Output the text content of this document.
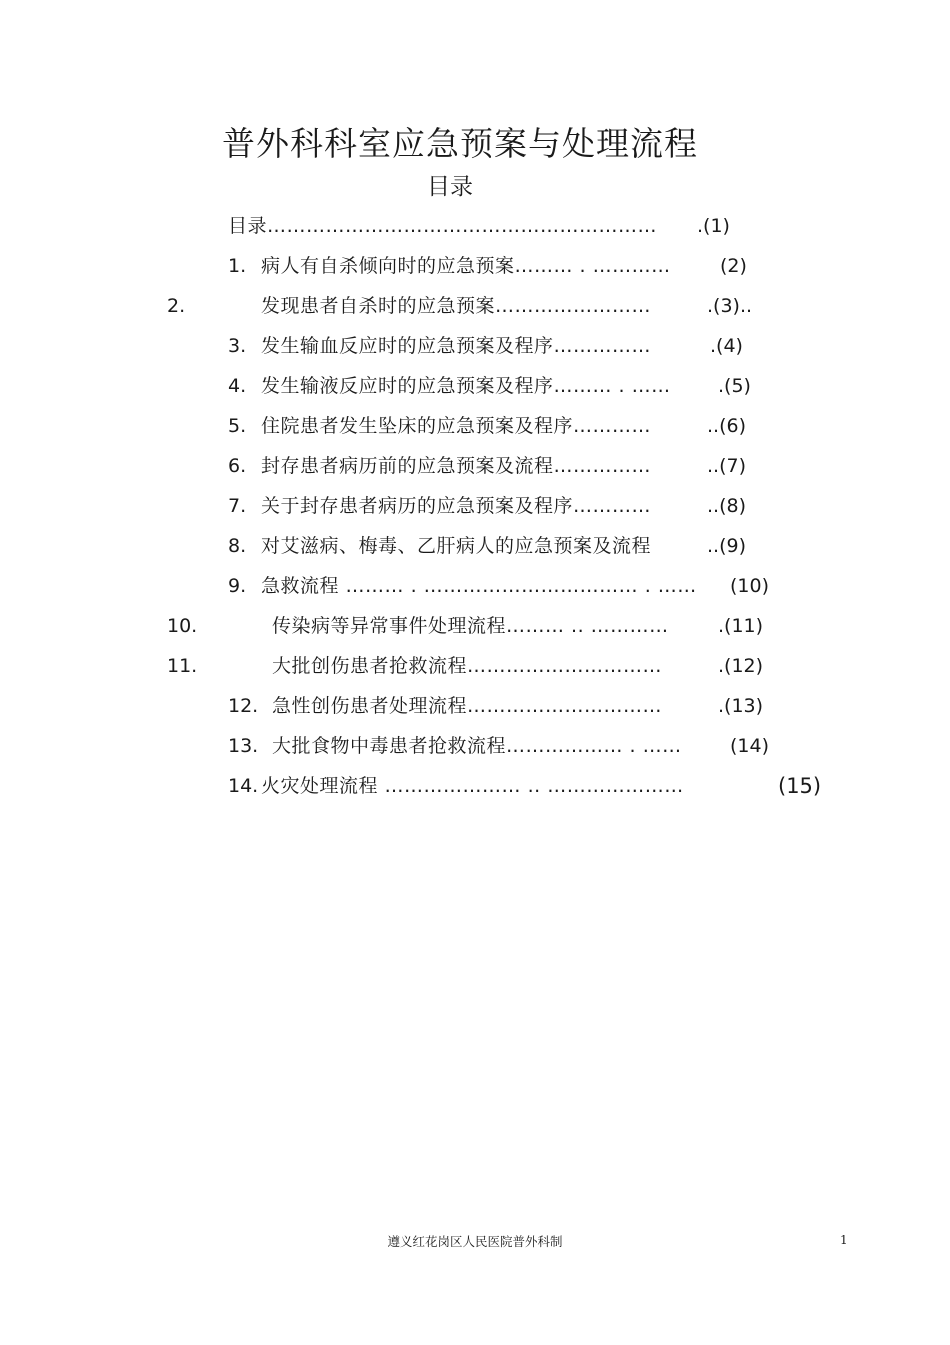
普外科科室应急预案与处理流程
目录
目录…………………………………………………… .(1)
1. 病人有自杀倾向时的应急预案……… . …………	(2)
2.	发现患者自杀时的应急预案……………………	.(3)..
3. 发生输血反应时的应急预案及程序……………	.(4)
4. 发生输液反应时的应急预案及程序……… . …… .(5)
5. 住院患者发生坠床的应急预案及程序…………	..(6)
6. 封存患者病历前的应急预案及流程……………	..(7)
7. 关于封存患者病历的应急预案及程序…………	..(8)
8. 对艾滋病、梅毒、乙肝病人的应急预案及流程	..(9)
9. 急救流程 ……… . …………………………… . …… (10)
10.	传染病等异常事件处理流程……… .. …………	.(11)
11.	大批创伤患者抢救流程…………………………	.(12)
12. 急性创伤患者处理流程…………………………	.(13)
13. 大批食物中毒患者抢救流程……………… . ……	(14)
14. 火灾处理流程 ………………… .. …………………	(15)
遵义红花岗区人民医院普外科制	1
